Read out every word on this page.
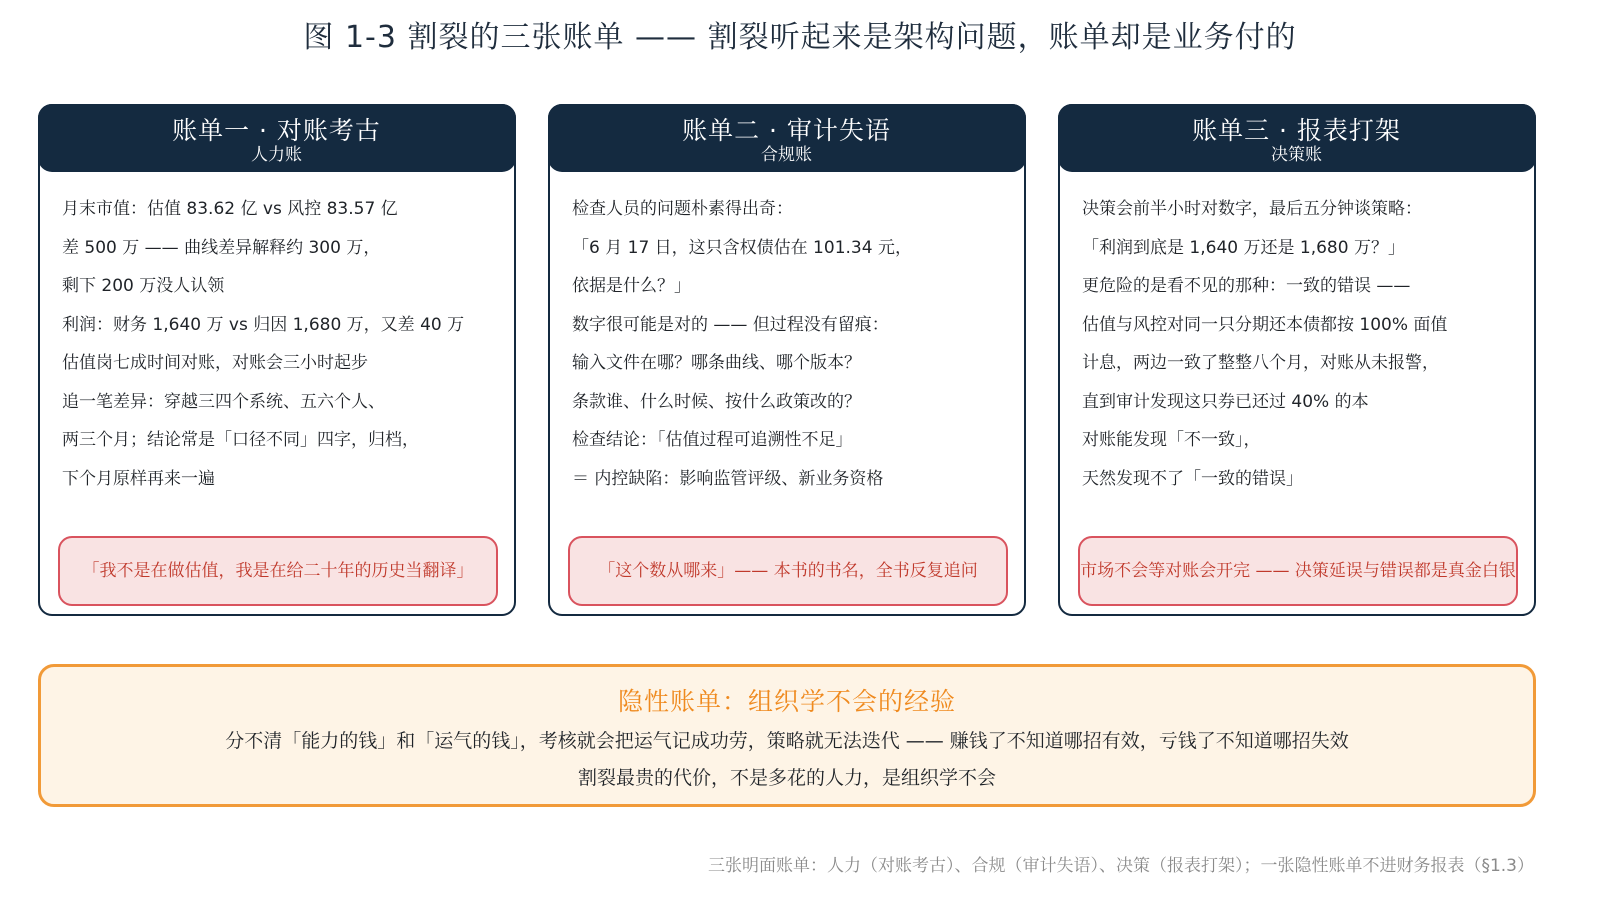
图 1-3 割裂的三张账单 —— 割裂听起来是架构问题，账单却是业务付的
账单一 · 对账考古
人力账
月末市值：估值 83.62 亿 vs 风控 83.57 亿
差 500 万 —— 曲线差异解释约 300 万，
剩下 200 万没人认领
利润：财务 1,640 万 vs 归因 1,680 万，又差 40 万
估值岗七成时间对账，对账会三小时起步
追一笔差异：穿越三四个系统、五六个人、
两三个月；结论常是「口径不同」四字，归档，
下个月原样再来一遍
「我不是在做估值，我是在给二十年的历史当翻译」
账单二 · 审计失语
合规账
检查人员的问题朴素得出奇：
「6 月 17 日，这只含权债估在 101.34 元，
依据是什么？」
数字很可能是对的 —— 但过程没有留痕：
输入文件在哪？哪条曲线、哪个版本？
条款谁、什么时候、按什么政策改的？
检查结论：「估值过程可追溯性不足」
＝ 内控缺陷：影响监管评级、新业务资格
「这个数从哪来」—— 本书的书名，全书反复追问
账单三 · 报表打架
决策账
决策会前半小时对数字，最后五分钟谈策略：
「利润到底是 1,640 万还是 1,680 万？」
更危险的是看不见的那种：一致的错误 ——
估值与风控对同一只分期还本债都按 100% 面值
计息，两边一致了整整八个月，对账从未报警，
直到审计发现这只券已还过 40% 的本
对账能发现「不一致」，
天然发现不了「一致的错误」
市场不会等对账会开完 —— 决策延误与错误都是真金白银
隐性账单：组织学不会的经验
分不清「能力的钱」和「运气的钱」，考核就会把运气记成功劳，策略就无法迭代 —— 赚钱了不知道哪招有效，亏钱了不知道哪招失效
割裂最贵的代价，不是多花的人力，是组织学不会
三张明面账单：人力（对账考古）、合规（审计失语）、决策（报表打架）；一张隐性账单不进财务报表（§1.3）
